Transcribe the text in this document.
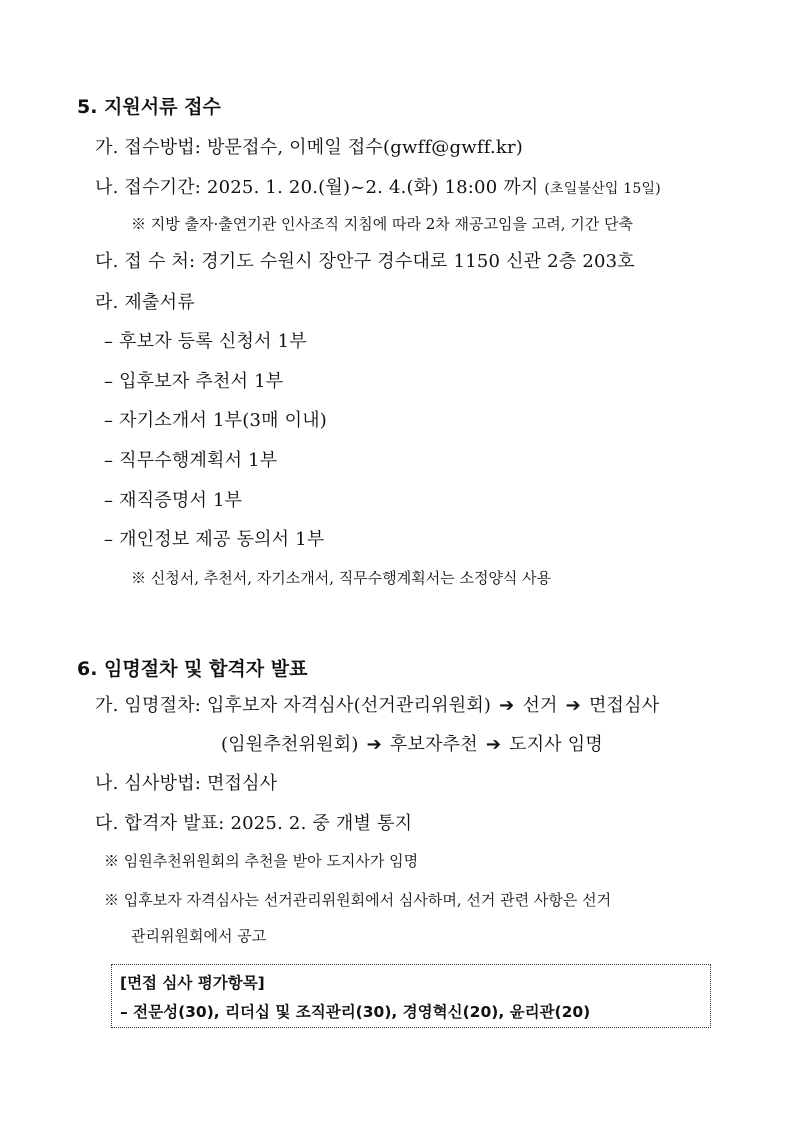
5. 지원서류 접수
가. 접수방법: 방문접수, 이메일 접수(gwff@gwff.kr)
나. 접수기간: 2025. 1. 20.(월)~2. 4.(화) 18:00 까지 (초일불산입 15일)
※ 지방 출자·출연기관 인사조직 지침에 따라 2차 재공고임을 고려, 기간 단축
다. 접 수 처: 경기도 수원시 장안구 경수대로 1150 신관 2층 203호
라. 제출서류
– 후보자 등록 신청서 1부
– 입후보자 추천서 1부
– 자기소개서 1부(3매 이내)
– 직무수행계획서 1부
– 재직증명서 1부
– 개인정보 제공 동의서 1부
※ 신청서, 추천서, 자기소개서, 직무수행계획서는 소정양식 사용
6. 임명절차 및 합격자 발표
가. 임명절차: 입후보자 자격심사(선거관리위원회) ➔ 선거 ➔ 면접심사
(임원추천위원회) ➔ 후보자추천 ➔ 도지사 임명
나. 심사방법: 면접심사
다. 합격자 발표: 2025. 2. 중 개별 통지
※ 임원추천위원회의 추천을 받아 도지사가 임명
※ 입후보자 자격심사는 선거관리위원회에서 심사하며, 선거 관련 사항은 선거
관리위원회에서 공고
[면접 심사 평가항목]
– 전문성(30), 리더십 및 조직관리(30), 경영혁신(20), 윤리관(20)
